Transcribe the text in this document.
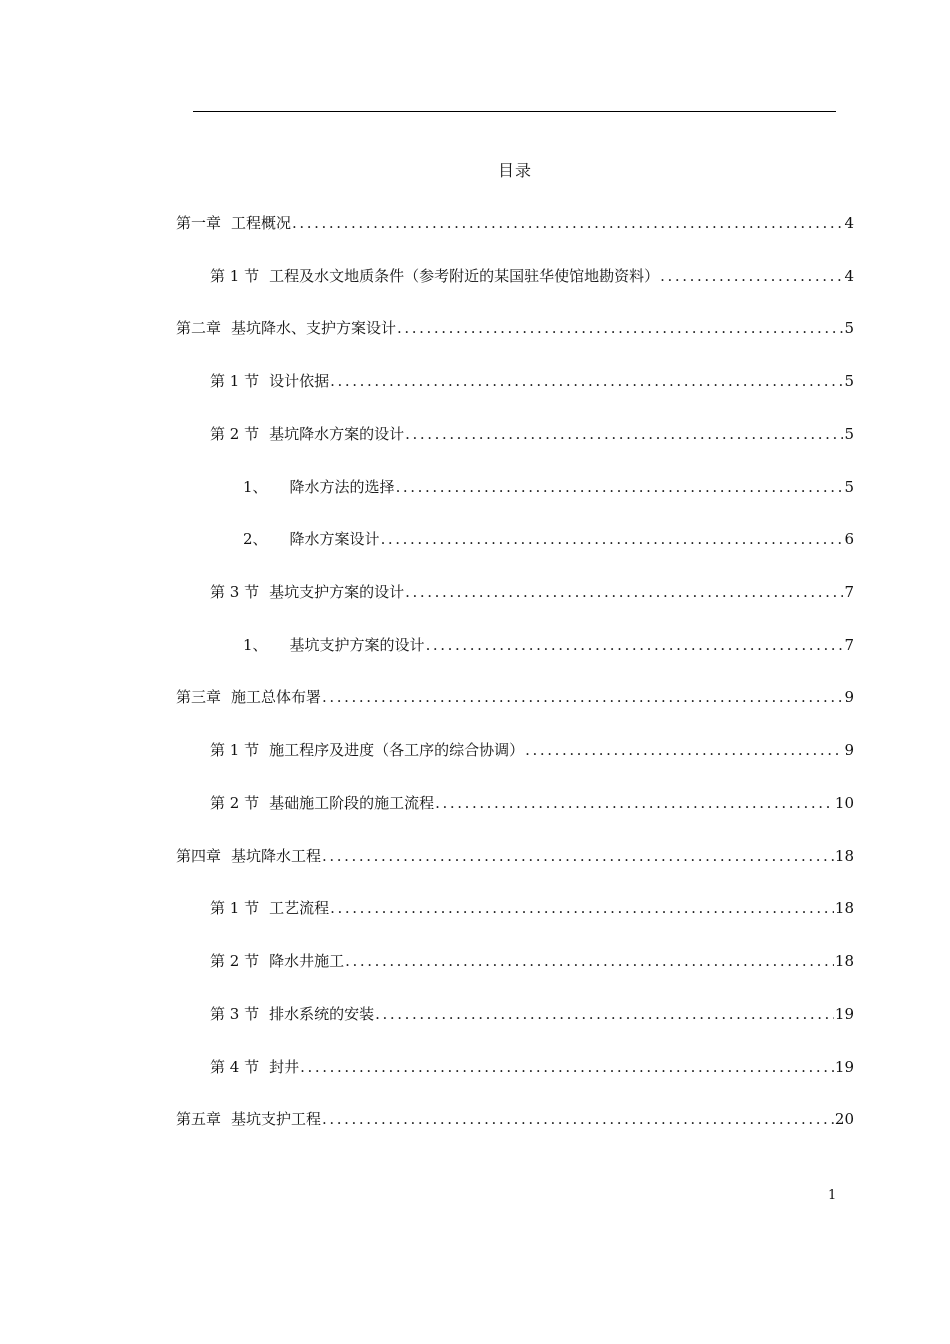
目录
第一章 工程概况 .....	4
第 1 节 工程及水文地质条件（参考附近的某国驻华使馆地勘资料） .....	4
第二章 基坑降水、支护方案设计 .....	5
第 1 节 设计依据 .....	5
第 2 节 基坑降水方案的设计 .....	5
1、 降水方法的选择 .....	5
2、 降水方案设计 .....	6
第 3 节 基坑支护方案的设计 .....	7
1、 基坑支护方案的设计 .....	7
第三章 施工总体布署 .....	9
第 1 节 施工程序及进度（各工序的综合协调） .....	9
第 2 节 基础施工阶段的施工流程 .....	10
第四章 基坑降水工程 .....	18
第 1 节 工艺流程 .....	18
第 2 节 降水井施工 .....	18
第 3 节 排水系统的安装 .....	19
第 4 节 封井 .....	19
第五章 基坑支护工程 .....	20
1
